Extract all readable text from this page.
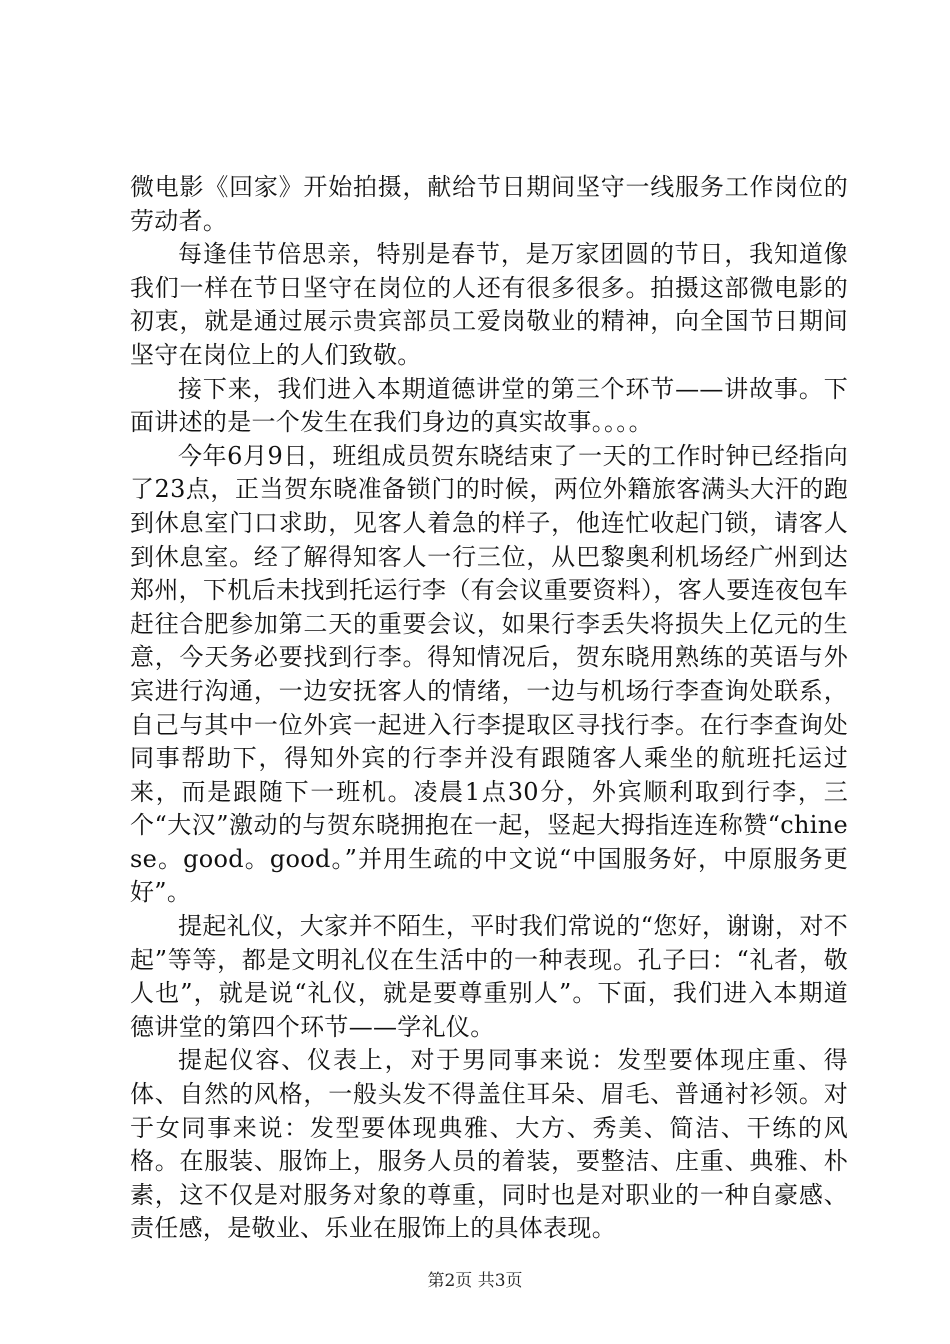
微电影《回家》开始拍摄，献给节日期间坚守一线服务工作岗位的劳动者。

每逢佳节倍思亲，特别是春节，是万家团圆的节日，我知道像我们一样在节日坚守在岗位的人还有很多很多。拍摄这部微电影的初衷，就是通过展示贵宾部员工爱岗敬业的精神，向全国节日期间坚守在岗位上的人们致敬。

接下来，我们进入本期道德讲堂的第三个环节——讲故事。下面讲述的是一个发生在我们身边的真实故事。。。。

今年6月9日，班组成员贺东晓结束了一天的工作时钟已经指向了23点，正当贺东晓准备锁门的时候，两位外籍旅客满头大汗的跑到休息室门口求助，见客人着急的样子，他连忙收起门锁，请客人到休息室。经了解得知客人一行三位，从巴黎奥利机场经广州到达郑州，下机后未找到托运行李（有会议重要资料），客人要连夜包车赶往合肥参加第二天的重要会议，如果行李丢失将损失上亿元的生意，今天务必要找到行李。得知情况后，贺东晓用熟练的英语与外宾进行沟通，一边安抚客人的情绪，一边与机场行李查询处联系，自己与其中一位外宾一起进入行李提取区寻找行李。在行李查询处同事帮助下，得知外宾的行李并没有跟随客人乘坐的航班托运过来，而是跟随下一班机。凌晨1点30分，外宾顺利取到行李，三个“大汉”激动的与贺东晓拥抱在一起，竖起大拇指连连称赞“chinese。good。good。”并用生疏的中文说“中国服务好，中原服务更好”。

提起礼仪，大家并不陌生，平时我们常说的“您好，谢谢，对不起”等等，都是文明礼仪在生活中的一种表现。孔子曰：“礼者，敬人也”，就是说“礼仪，就是要尊重别人”。下面，我们进入本期道德讲堂的第四个环节——学礼仪。

提起仪容、仪表上，对于男同事来说：发型要体现庄重、得体、自然的风格，一般头发不得盖住耳朵、眉毛、普通衬衫领。对于女同事来说：发型要体现典雅、大方、秀美、简洁、干练的风格。在服装、服饰上，服务人员的着装，要整洁、庄重、典雅、朴素，这不仅是对服务对象的尊重，同时也是对职业的一种自豪感、责任感，是敬业、乐业在服饰上的具体表现。

第2页 共3页
